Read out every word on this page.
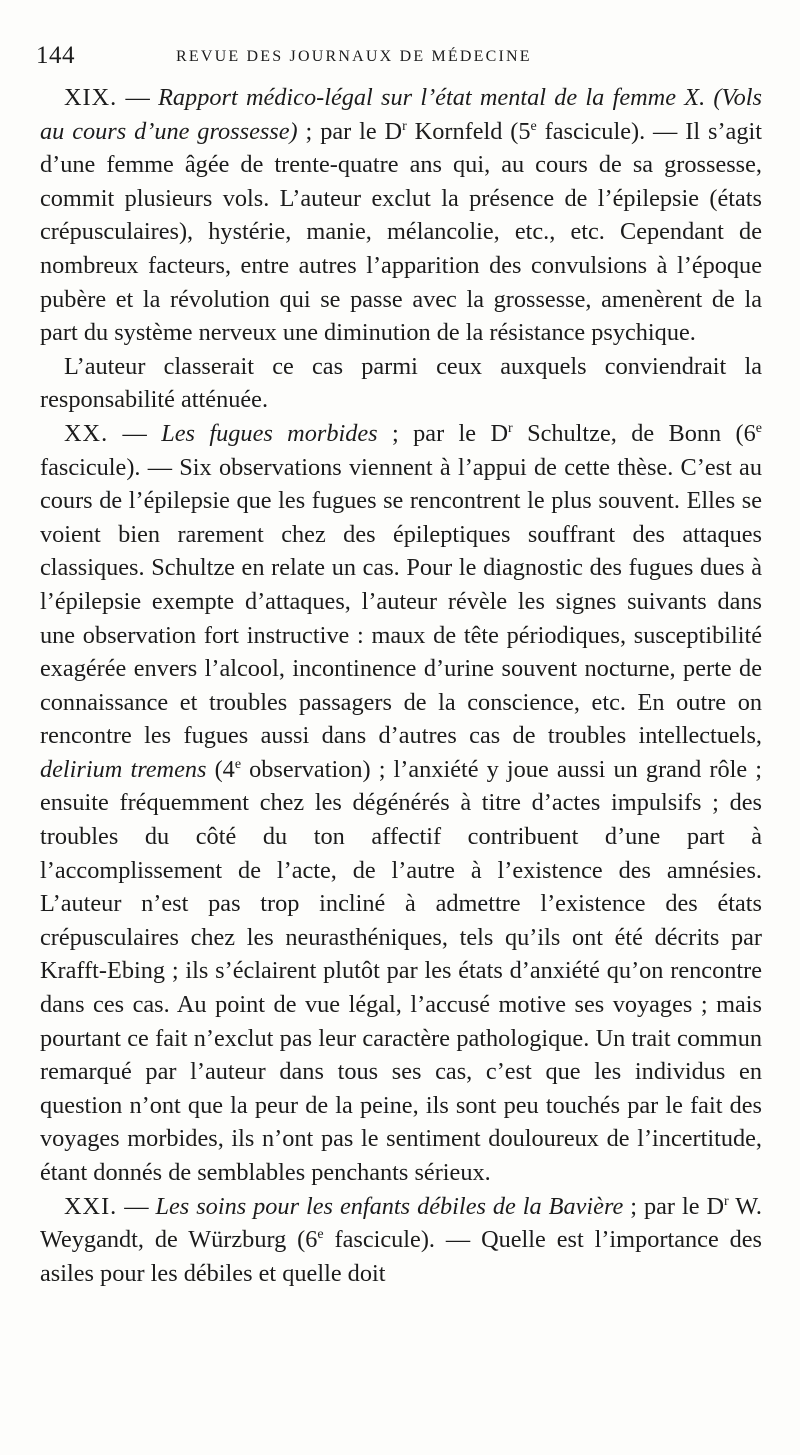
144	REVUE DES JOURNAUX DE MÉDECINE

XIX. — Rapport médico-légal sur l’état mental de la femme X. (Vols au cours d’une grossesse) ; par le $D^r$ Kornfeld (5e fascicule). — Il s’agit d’une femme âgée de trente-quatre ans qui, au cours de sa grossesse, commit plusieurs vols. L’auteur exclut la présence de l’épilepsie (états crépusculaires), hystérie, manie, mélancolie, etc., etc. Cependant de nombreux facteurs, entre autres l’apparition des convulsions à l’époque pubère et la révolution qui se passe avec la grossesse, amenèrent de la part du système nerveux une diminution de la résistance psychique.

L’auteur classerait ce cas parmi ceux auxquels conviendrait la responsabilité atténuée.

XX. — Les fugues morbides ; par le $D^r$ Schultze, de Bonn (6e fascicule). — Six observations viennent à l’appui de cette thèse. C’est au cours de l’épilepsie que les fugues se rencontrent le plus souvent. Elles se voient bien rarement chez des épileptiques souffrant des attaques classiques. Schultze en relate un cas. Pour le diagnostic des fugues dues à l’épilepsie exempte d’attaques, l’auteur révèle les signes suivants dans une observation fort instructive : maux de tête périodiques, susceptibilité exagérée envers l’alcool, incontinence d’urine souvent nocturne, perte de connaissance et troubles passagers de la conscience, etc. En outre on rencontre les fugues aussi dans d’autres cas de troubles intellectuels, delirium tremens (4e observation) ; l’anxiété y joue aussi un grand rôle ; ensuite fréquemment chez les dégénérés à titre d’actes impulsifs ; des troubles du côté du ton affectif contribuent d’une part à l’accomplissement de l’acte, de l’autre à l’existence des amnésies. L’auteur n’est pas trop incliné à admettre l’existence des états crépusculaires chez les neurasthéniques, tels qu’ils ont été décrits par Krafft-Ebing ; ils s’éclairent plutôt par les états d’anxiété qu’on rencontre dans ces cas. Au point de vue légal, l’accusé motive ses voyages ; mais pourtant ce fait n’exclut pas leur caractère pathologique. Un trait commun remarqué par l’auteur dans tous ses cas, c’est que les individus en question n’ont que la peur de la peine, ils sont peu touchés par le fait des voyages morbides, ils n’ont pas le sentiment douloureux de l’incertitude, étant donnés de semblables penchants sérieux.

XXI. — Les soins pour les enfants débiles de la Bavière ; par le $D^r$ W. Weygandt, de Würzburg (6e fascicule). — Quelle est l’importance des asiles pour les débiles et quelle doit
